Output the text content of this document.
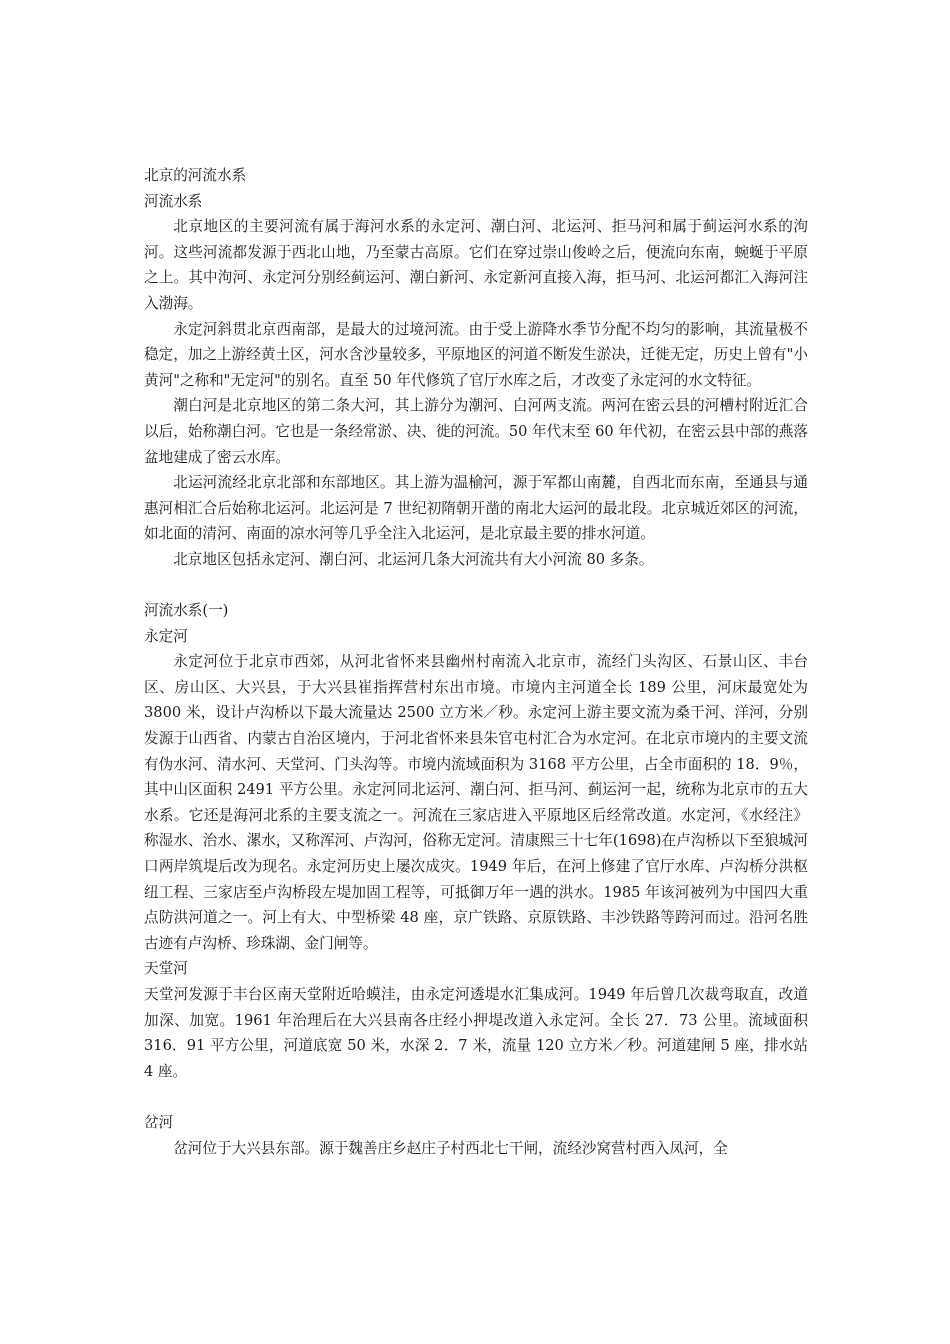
北京的河流水系

河流水系

北京地区的主要河流有属于海河水系的永定河、潮白河、北运河、拒马河和属于蓟运河水系的泃河。这些河流都发源于西北山地，乃至蒙古高原。它们在穿过崇山俊岭之后，便流向东南，蜿蜒于平原之上。其中泃河、永定河分别经蓟运河、潮白新河、永定新河直接入海，拒马河、北运河都汇入海河注入渤海。

永定河斜贯北京西南部，是最大的过境河流。由于受上游降水季节分配不均匀的影响，其流量极不稳定，加之上游经黄土区，河水含沙量较多，平原地区的河道不断发生淤决，迁徙无定，历史上曾有"小黄河"之称和"无定河"的别名。直至 50 年代修筑了官厅水库之后，才改变了永定河的水文特征。

潮白河是北京地区的第二条大河，其上游分为潮河、白河两支流。两河在密云县的河槽村附近汇合以后，始称潮白河。它也是一条经常淤、决、徙的河流。50 年代末至 60 年代初，在密云县中部的燕落盆地建成了密云水库。

北运河流经北京北部和东部地区。其上游为温榆河，源于军都山南麓，自西北而东南，至通县与通惠河相汇合后始称北运河。北运河是 7 世纪初隋朝开凿的南北大运河的最北段。北京城近郊区的河流，如北面的清河、南面的凉水河等几乎全注入北运河，是北京最主要的排水河道。

北京地区包括永定河、潮白河、北运河几条大河流共有大小河流 80 多条。

河流水系(一)

永定河

永定河位于北京市西郊，从河北省怀来县幽州村南流入北京市，流经门头沟区、石景山区、丰台区、房山区、大兴县，于大兴县崔指挥营村东出市境。市境内主河道全长 189 公里，河床最宽处为 3800 米，设计卢沟桥以下最大流量达 2500 立方米／秒。永定河上游主要文流为桑干河、洋河，分别发源于山西省、内蒙古自治区境内，于河北省怀来县朱官屯村汇合为水定河。在北京市境内的主要文流有伪水河、清水河、天堂河、门头沟等。市境内流域面积为 3168 平方公里，占全市面积的 18．9％，其中山区面积 2491 平方公里。永定河同北运河、潮白河、拒马河、蓟运河一起，统称为北京市的五大水系。它还是海河北系的主要支流之一。河流在三家店进入平原地区后经常改道。水定河，《水经注》称湿水、治水、漯水，又称浑河、卢沟河，俗称无定河。清康熙三十七年(1698)在卢沟桥以下至狼城河口两岸筑堤后改为现名。永定河历史上屡次成灾。1949 年后，在河上修建了官厅水库、卢沟桥分洪枢纽工程、三家店至卢沟桥段左堤加固工程等，可抵御万年一遇的洪水。1985 年该河被列为中国四大重点防洪河道之一。河上有大、中型桥梁 48 座，京广铁路、京原铁路、丰沙铁路等跨河而过。沿河名胜古迹有卢沟桥、珍珠湖、金门闸等。

天堂河

天堂河发源于丰台区南天堂附近哈蟆洼，由永定河透堤水汇集成河。1949 年后曾几次裁弯取直，改道加深、加宽。1961 年治理后在大兴县南各庄经小押堤改道入永定河。全长 27．73 公里。流域面积 316．91 平方公里，河道底宽 50 米，水深 2．7 米，流量 120 立方米／秒。河道建闸 5 座，排水站 4 座。

岔河

岔河位于大兴县东部。源于魏善庄乡赵庄子村西北七干闸，流经沙窝营村西入凤河，全
